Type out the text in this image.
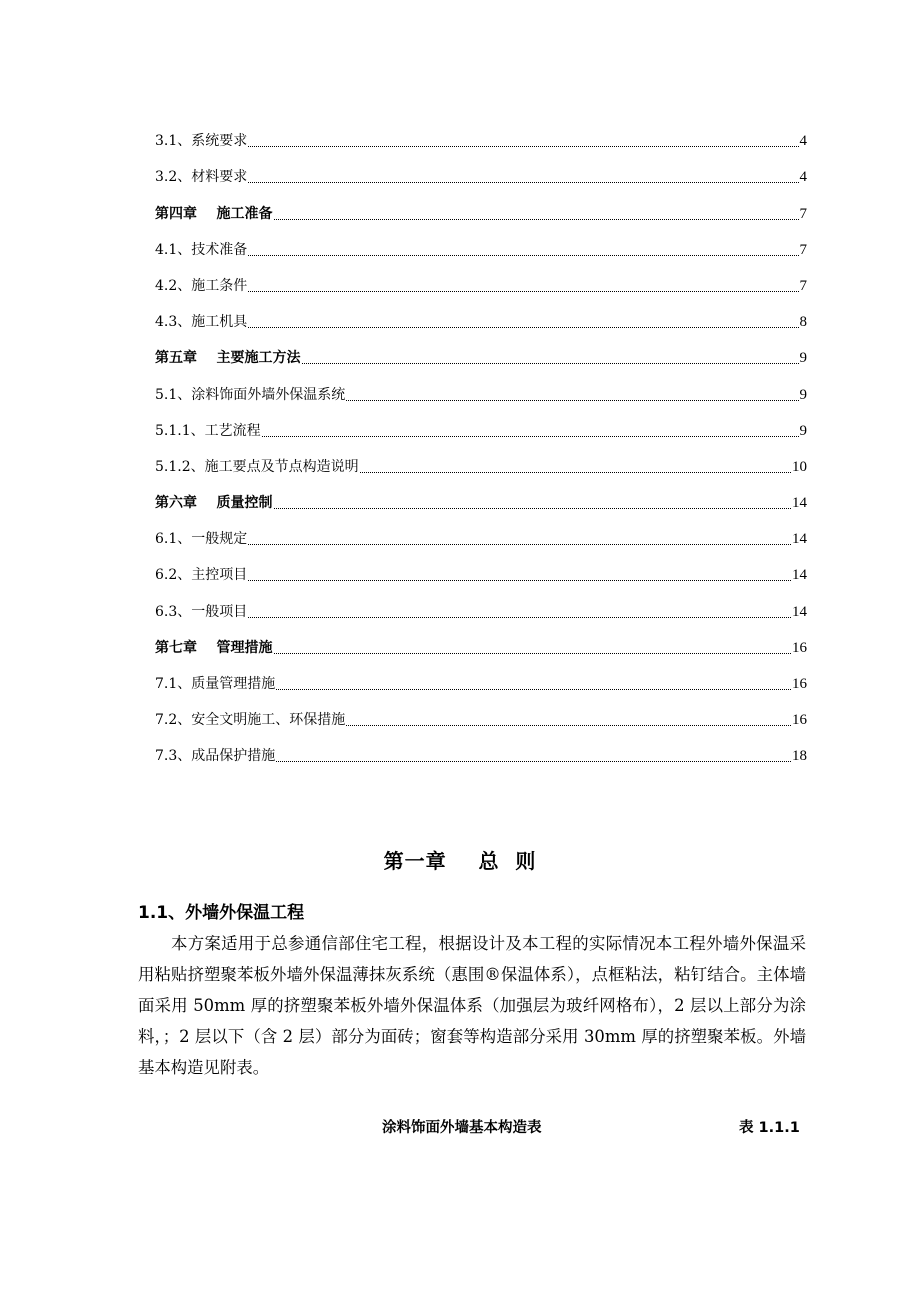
3.1、系统要求	4
3.2、材料要求	4
第四章    施工准备	7
4.1、技术准备	7
4.2、施工条件	7
4.3、施工机具	8
第五章    主要施工方法	9
5.1、涂料饰面外墙外保温系统	9
5.1.1、工艺流程	9
5.1.2、施工要点及节点构造说明	10
第六章    质量控制	14
6.1、一般规定	14
6.2、主控项目	14
6.3、一般项目	14
第七章    管理措施	16
7.1、质量管理措施	16
7.2、安全文明施工、环保措施	16
7.3、成品保护措施	18
第一章    总  则
1.1、外墙外保温工程
本方案适用于总参通信部住宅工程，根据设计及本工程的实际情况本工程外墙外保温采用粘贴挤塑聚苯板外墙外保温薄抹灰系统（惠围®保温体系），点框粘法，粘钉结合。主体墙面采用 50mm 厚的挤塑聚苯板外墙外保温体系（加强层为玻纤网格布），2 层以上部分为涂料，；2 层以下（含 2 层）部分为面砖；窗套等构造部分采用 30mm 厚的挤塑聚苯板。外墙基本构造见附表。
涂料饰面外墙基本构造表	表 1.1.1
